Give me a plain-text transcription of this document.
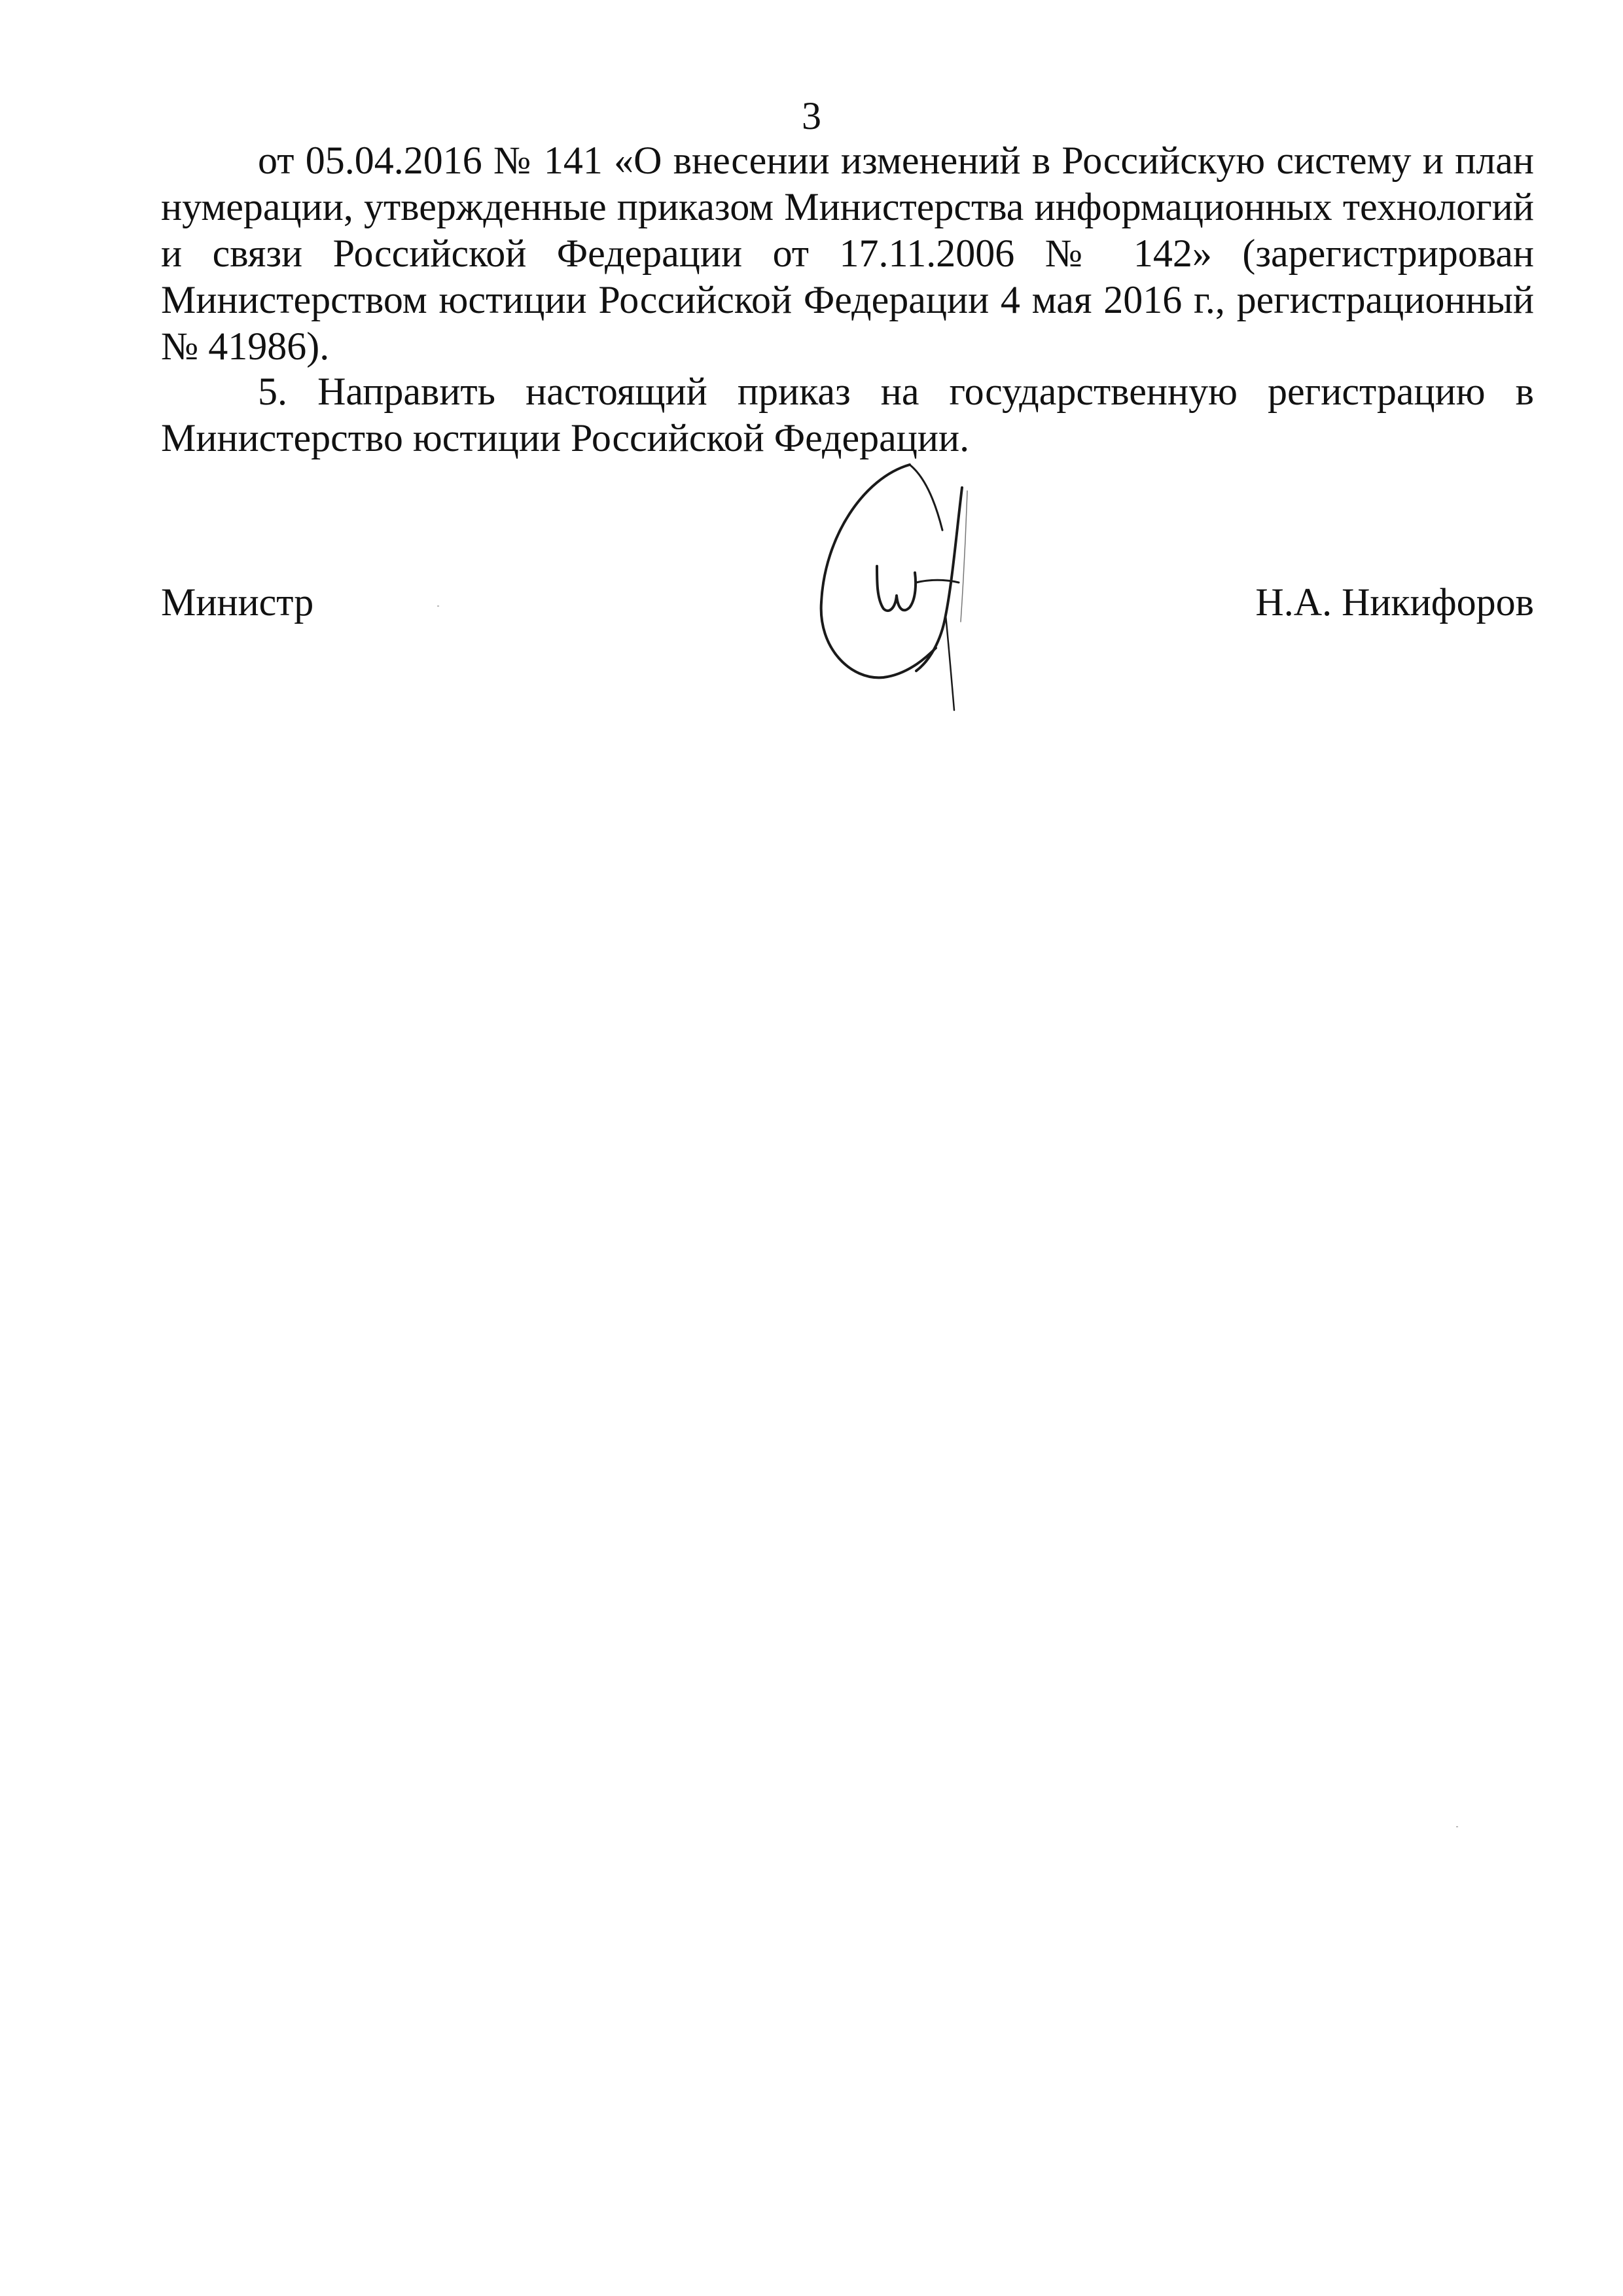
3

от 05.04.2016 № 141 «О внесении изменений в Российскую систему и план нумерации, утвержденные приказом Министерства информационных технологий и связи Российской Федерации от 17.11.2006 № 142» (зарегистрирован Министерством юстиции Российской Федерации 4 мая 2016 г., регистрационный № 41986).

5. Направить настоящий приказ на государственную регистрацию в Министерство юстиции Российской Федерации.

Министр	Н.А. Никифоров
